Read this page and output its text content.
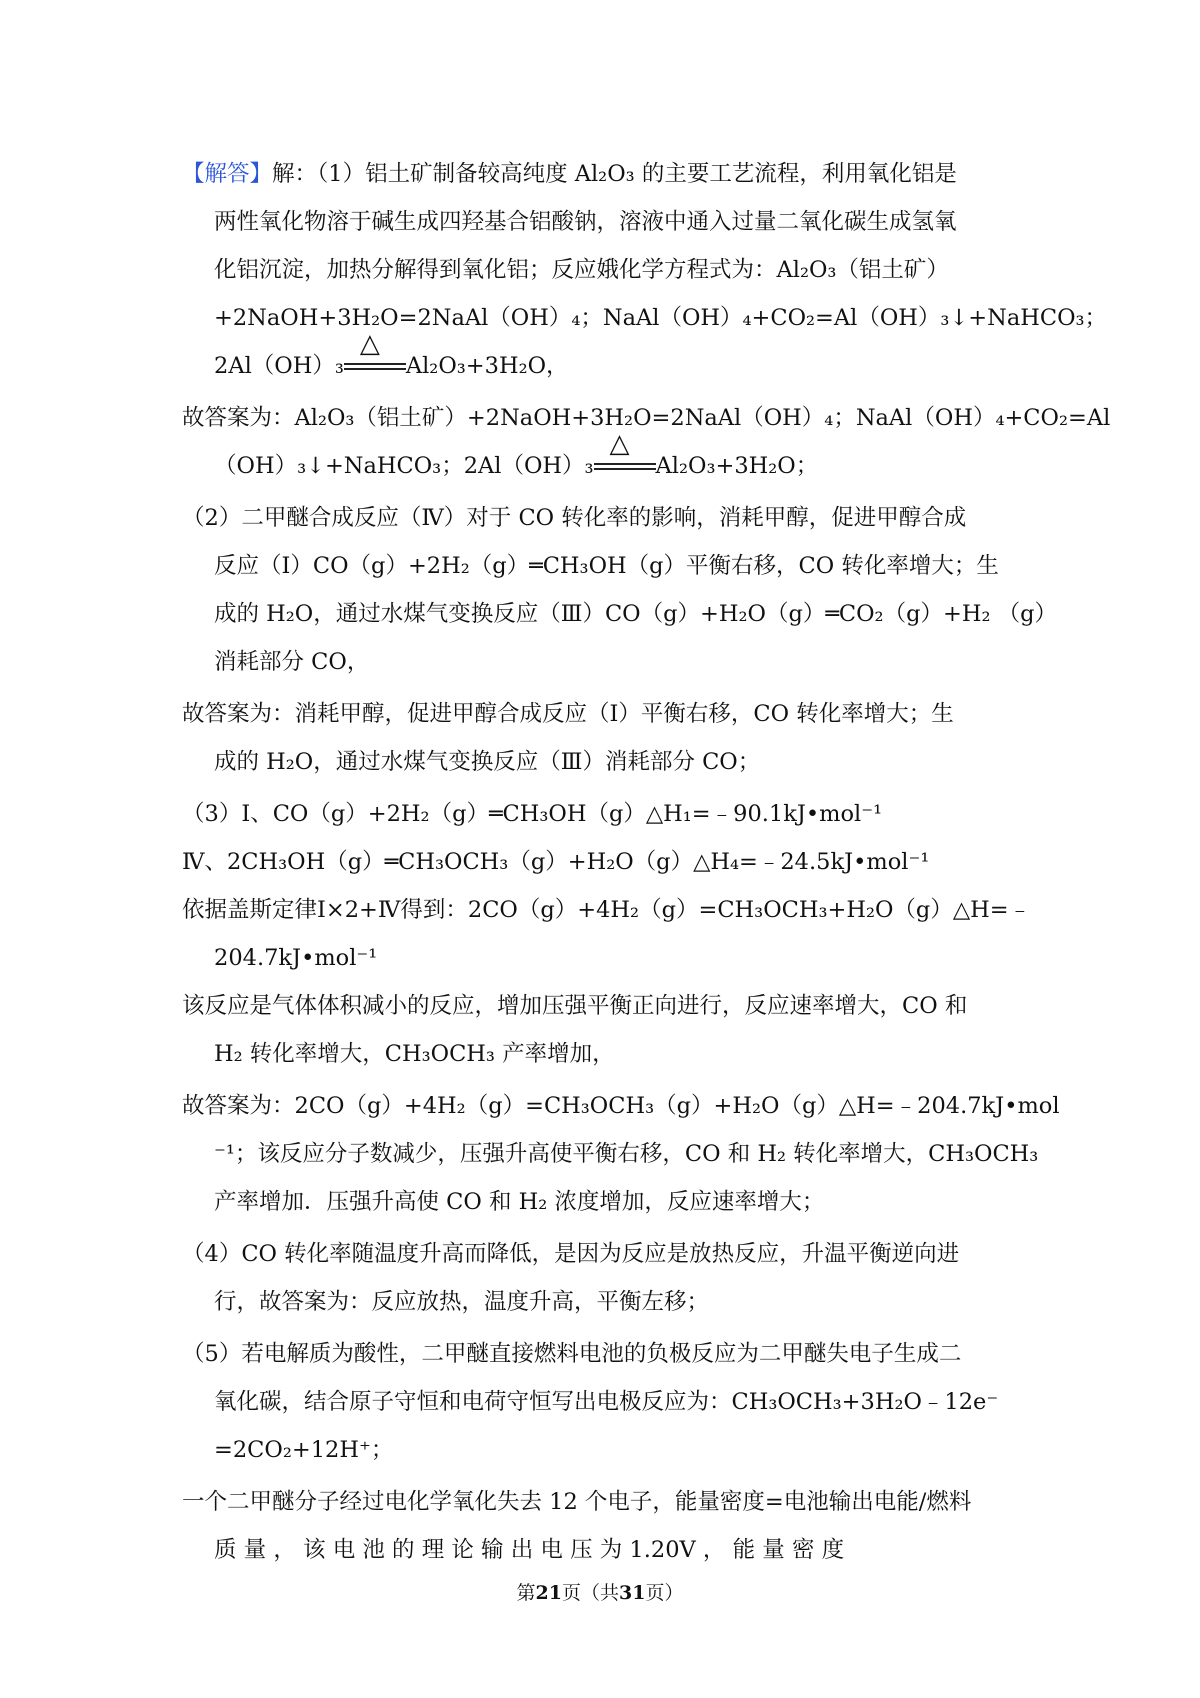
【解答】解：（1）铝土矿制备较高纯度 Al₂O₃ 的主要工艺流程，利用氧化铝是
两性氧化物溶于碱生成四羟基合铝酸钠，溶液中通入过量二氧化碳生成氢氧
化铝沉淀，加热分解得到氧化铝；反应娥化学方程式为：Al₂O₃（铝土矿）
+2NaOH+3H₂O=2NaAl（OH）₄；NaAl（OH）₄+CO₂=Al（OH）₃↓+NaHCO₃；
2Al（OH）₃
△
Al₂O₃+3H₂O，
故答案为：Al₂O₃（铝土矿）+2NaOH+3H₂O=2NaAl（OH）₄；NaAl（OH）₄+CO₂=Al
（OH）₃↓+NaHCO₃；2Al（OH）₃
△
Al₂O₃+3H₂O；
（2）二甲醚合成反应（Ⅳ）对于 CO 转化率的影响，消耗甲醇，促进甲醇合成
反应（Ⅰ）CO（g）+2H₂（g）═CH₃OH（g）平衡右移，CO 转化率增大；生
成的 H₂O，通过水煤气变换反应（Ⅲ）CO（g）+H₂O（g）═CO₂（g）+H₂ （g）
消耗部分 CO，
故答案为：消耗甲醇，促进甲醇合成反应（Ⅰ）平衡右移，CO 转化率增大；生
成的 H₂O，通过水煤气变换反应（Ⅲ）消耗部分 CO；
（3）Ⅰ、CO（g）+2H₂（g）═CH₃OH（g）△H₁=﹣90.1kJ•mol⁻¹
Ⅳ、2CH₃OH（g）═CH₃OCH₃（g）+H₂O（g）△H₄=﹣24.5kJ•mol⁻¹
依据盖斯定律Ⅰ×2+Ⅳ得到：2CO（g）+4H₂（g）=CH₃OCH₃+H₂O（g）△H=﹣
204.7kJ•mol⁻¹
该反应是气体体积减小的反应，增加压强平衡正向进行，反应速率增大，CO 和
H₂ 转化率增大，CH₃OCH₃ 产率增加，
故答案为：2CO（g）+4H₂（g）=CH₃OCH₃（g）+H₂O（g）△H=﹣204.7kJ•mol
⁻¹；该反应分子数减少，压强升高使平衡右移，CO 和 H₂ 转化率增大，CH₃OCH₃
产率增加．压强升高使 CO 和 H₂ 浓度增加，反应速率增大；
（4）CO 转化率随温度升高而降低，是因为反应是放热反应，升温平衡逆向进
行，故答案为：反应放热，温度升高，平衡左移；
（5）若电解质为酸性，二甲醚直接燃料电池的负极反应为二甲醚失电子生成二
氧化碳，结合原子守恒和电荷守恒写出电极反应为：CH₃OCH₃+3H₂O﹣12e⁻
=2CO₂+12H⁺；
一个二甲醚分子经过电化学氧化失去 12 个电子，能量密度=电池输出电能/燃料
质 量 ， 该 电 池 的 理 论 输 出 电 压 为 1.20V ， 能 量 密 度
第21页（共31页）
